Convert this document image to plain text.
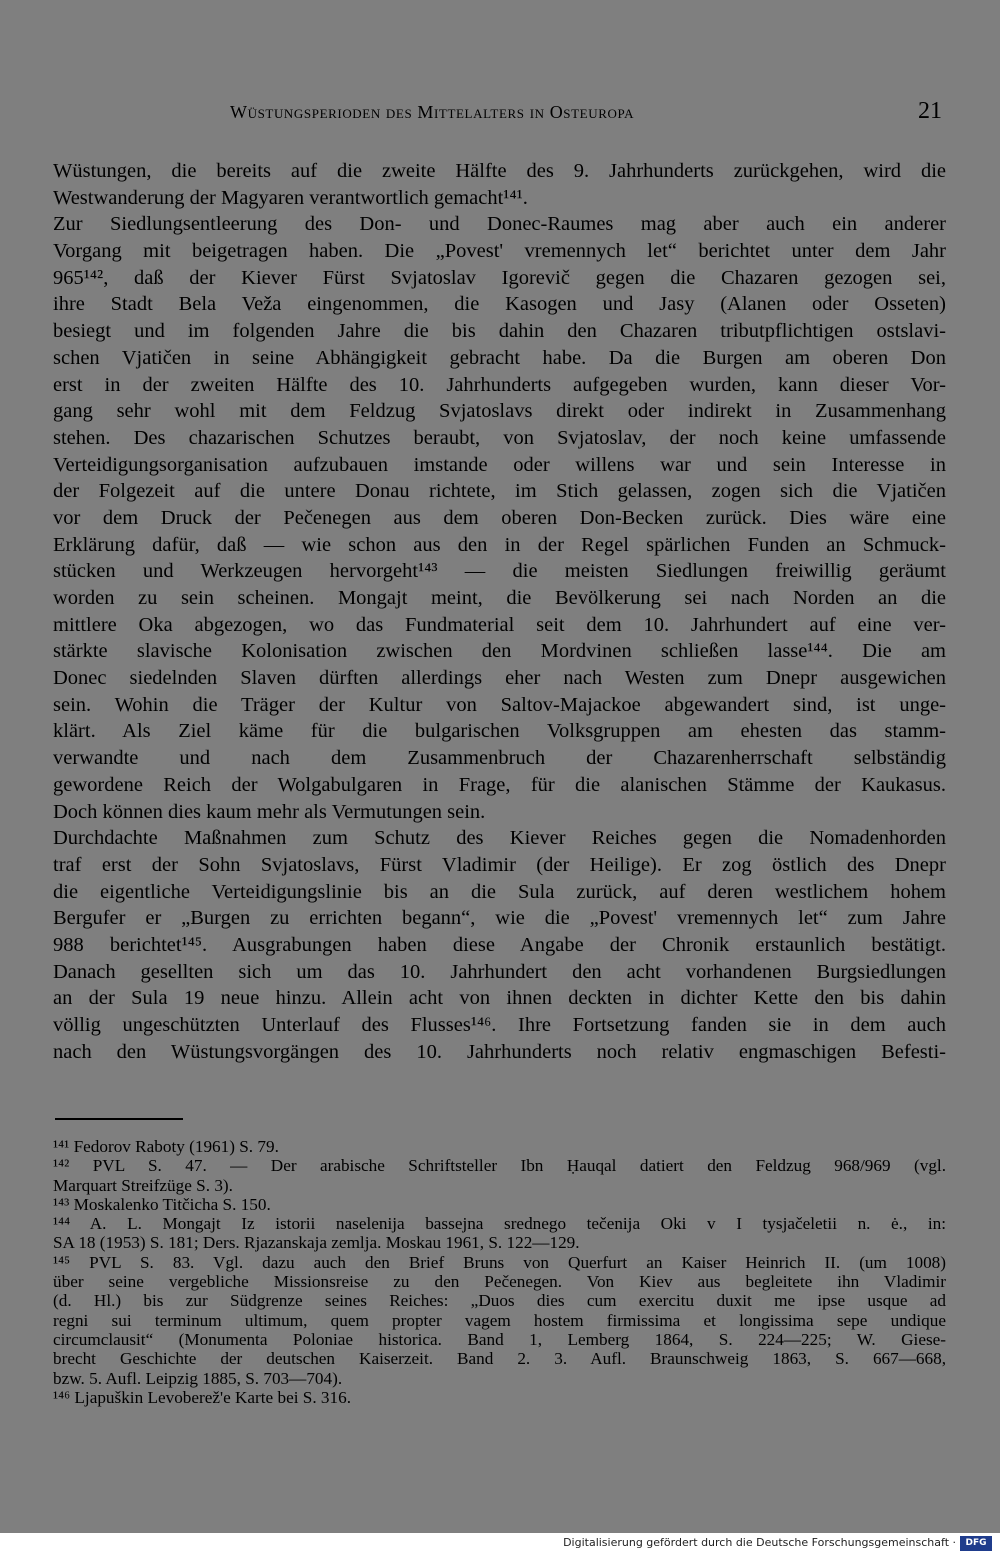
Wüstungsperioden des Mittelalters in Osteuropa	21
Wüstungen, die bereits auf die zweite Hälfte des 9. Jahrhunderts zurückgehen, wird die
Westwanderung der Magyaren verantwortlich gemacht¹⁴¹.
Zur Siedlungsentleerung des Don- und Donec-Raumes mag aber auch ein anderer
Vorgang mit beigetragen haben. Die „Povest' vremennych let“ berichtet unter dem Jahr
965¹⁴², daß der Kiever Fürst Svjatoslav Igorevič gegen die Chazaren gezogen sei,
ihre Stadt Bela Veža eingenommen, die Kasogen und Jasy (Alanen oder Osseten)
besiegt und im folgenden Jahre die bis dahin den Chazaren tributpflichtigen ostslavi-
schen Vjatičen in seine Abhängigkeit gebracht habe. Da die Burgen am oberen Don
erst in der zweiten Hälfte des 10. Jahrhunderts aufgegeben wurden, kann dieser Vor-
gang sehr wohl mit dem Feldzug Svjatoslavs direkt oder indirekt in Zusammenhang
stehen. Des chazarischen Schutzes beraubt, von Svjatoslav, der noch keine umfassende
Verteidigungsorganisation aufzubauen imstande oder willens war und sein Interesse in
der Folgezeit auf die untere Donau richtete, im Stich gelassen, zogen sich die Vjatičen
vor dem Druck der Pečenegen aus dem oberen Don-Becken zurück. Dies wäre eine
Erklärung dafür, daß — wie schon aus den in der Regel spärlichen Funden an Schmuck-
stücken und Werkzeugen hervorgeht¹⁴³ — die meisten Siedlungen freiwillig geräumt
worden zu sein scheinen. Mongajt meint, die Bevölkerung sei nach Norden an die
mittlere Oka abgezogen, wo das Fundmaterial seit dem 10. Jahrhundert auf eine ver-
stärkte slavische Kolonisation zwischen den Mordvinen schließen lasse¹⁴⁴. Die am
Donec siedelnden Slaven dürften allerdings eher nach Westen zum Dnepr ausgewichen
sein. Wohin die Träger der Kultur von Saltov-Majackoe abgewandert sind, ist unge-
klärt. Als Ziel käme für die bulgarischen Volksgruppen am ehesten das stamm-
verwandte und nach dem Zusammenbruch der Chazarenherrschaft selbständig
gewordene Reich der Wolgabulgaren in Frage, für die alanischen Stämme der Kaukasus.
Doch können dies kaum mehr als Vermutungen sein.
Durchdachte Maßnahmen zum Schutz des Kiever Reiches gegen die Nomadenhorden
traf erst der Sohn Svjatoslavs, Fürst Vladimir (der Heilige). Er zog östlich des Dnepr
die eigentliche Verteidigungslinie bis an die Sula zurück, auf deren westlichem hohem
Bergufer er „Burgen zu errichten begann“, wie die „Povest' vremennych let“ zum Jahre
988 berichtet¹⁴⁵. Ausgrabungen haben diese Angabe der Chronik erstaunlich bestätigt.
Danach gesellten sich um das 10. Jahrhundert den acht vorhandenen Burgsiedlungen
an der Sula 19 neue hinzu. Allein acht von ihnen deckten in dichter Kette den bis dahin
völlig ungeschützten Unterlauf des Flusses¹⁴⁶. Ihre Fortsetzung fanden sie in dem auch
nach den Wüstungsvorgängen des 10. Jahrhunderts noch relativ engmaschigen Befesti-
¹⁴¹ Fedorov Raboty (1961) S. 79.
¹⁴² PVL S. 47. — Der arabische Schriftsteller Ibn Ḥauqal datiert den Feldzug 968/969 (vgl.
Marquart Streifzüge S. 3).
¹⁴³ Moskalenko Titčicha S. 150.
¹⁴⁴ A. L. Mongajt Iz istorii naselenija bassejna srednego tečenija Oki v I tysjačeletii n. ė., in:
SA 18 (1953) S. 181; Ders. Rjazanskaja zemlja. Moskau 1961, S. 122—129.
¹⁴⁵ PVL S. 83. Vgl. dazu auch den Brief Bruns von Querfurt an Kaiser Heinrich II. (um 1008)
über seine vergebliche Missionsreise zu den Pečenegen. Von Kiev aus begleitete ihn Vladimir
(d. Hl.) bis zur Südgrenze seines Reiches: „Duos dies cum exercitu duxit me ipse usque ad
regni sui terminum ultimum, quem propter vagem hostem firmissima et longissima sepe undique
circumclausit“ (Monumenta Poloniae historica. Band 1, Lemberg 1864, S. 224—225; W. Giese-
brecht Geschichte der deutschen Kaiserzeit. Band 2. 3. Aufl. Braunschweig 1863, S. 667—668,
bzw. 5. Aufl. Leipzig 1885, S. 703—704).
¹⁴⁶ Ljapuškin Levoberež'e Karte bei S. 316.
Digitalisierung gefördert durch die Deutsche Forschungsgemeinschaft ·	DFG
